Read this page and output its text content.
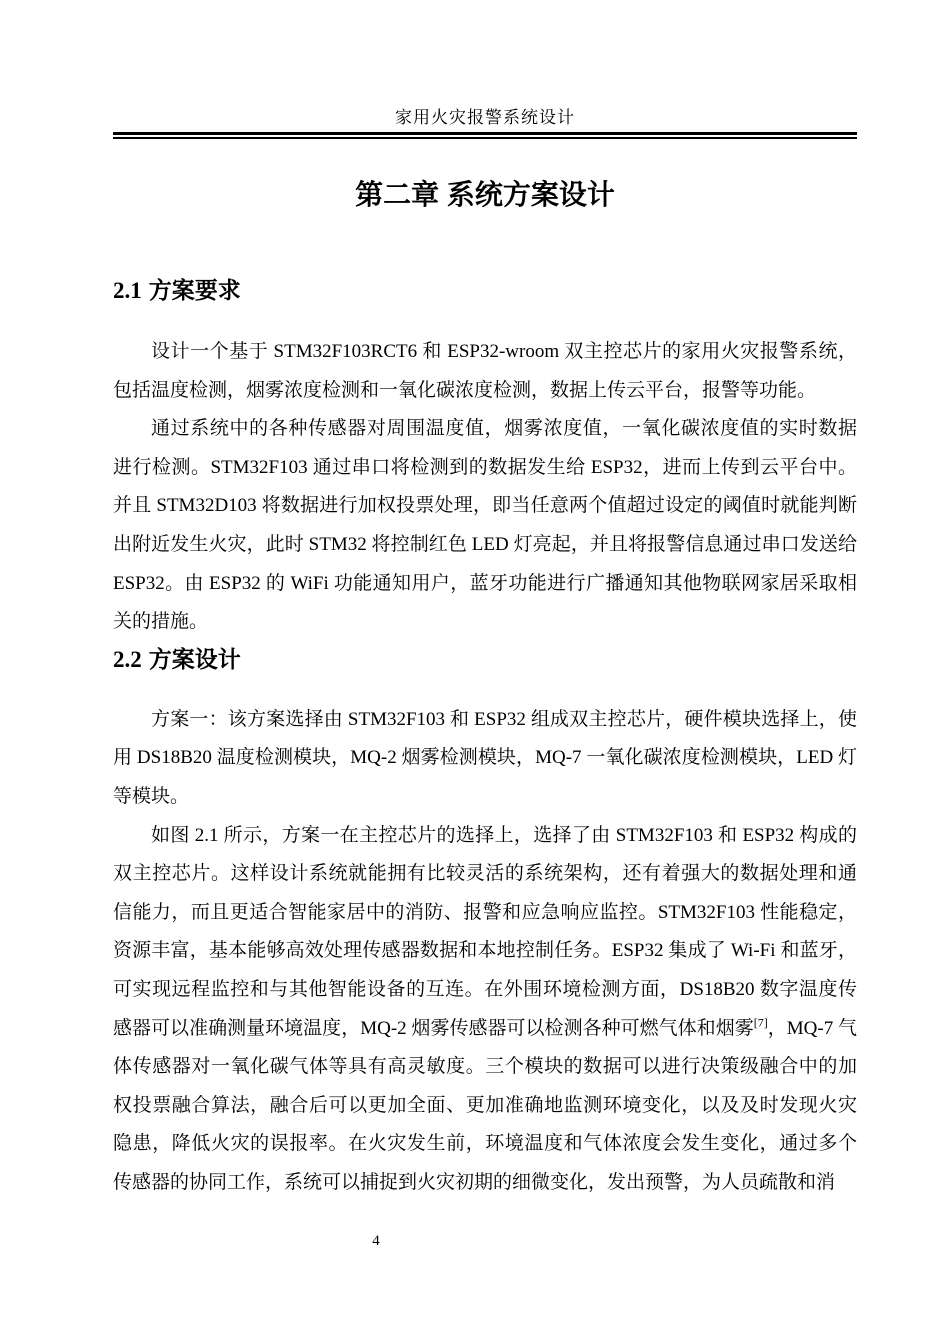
家用火灾报警系统设计
第二章 系统方案设计
2.1 方案要求

设计一个基于 STM32F103RCT6 和 ESP32-wroom 双主控芯片的家用火灾报警系统，
包括温度检测，烟雾浓度检测和一氧化碳浓度检测，数据上传云平台，报警等功能。

通过系统中的各种传感器对周围温度值，烟雾浓度值，一氧化碳浓度值的实时数据
进行检测。STM32F103 通过串口将检测到的数据发生给 ESP32，进而上传到云平台中。
并且 STM32D103 将数据进行加权投票处理，即当任意两个值超过设定的阈值时就能判断
出附近发生火灾，此时 STM32 将控制红色 LED 灯亮起，并且将报警信息通过串口发送给
ESP32。由 ESP32 的 WiFi 功能通知用户，蓝牙功能进行广播通知其他物联网家居采取相
关的措施。

2.2 方案设计

方案一：该方案选择由 STM32F103 和 ESP32 组成双主控芯片，硬件模块选择上，使
用 DS18B20 温度检测模块，MQ-2 烟雾检测模块，MQ-7 一氧化碳浓度检测模块，LED 灯
等模块。

如图 2.1 所示，方案一在主控芯片的选择上，选择了由 STM32F103 和 ESP32 构成的
双主控芯片。这样设计系统就能拥有比较灵活的系统架构，还有着强大的数据处理和通
信能力，而且更适合智能家居中的消防、报警和应急响应监控。STM32F103 性能稳定，
资源丰富，基本能够高效处理传感器数据和本地控制任务。ESP32 集成了 Wi-Fi 和蓝牙，
可实现远程监控和与其他智能设备的互连。在外围环境检测方面，DS18B20 数字温度传
感器可以准确测量环境温度，MQ-2 烟雾传感器可以检测各种可燃气体和烟雾[7]，MQ-7 气
体传感器对一氧化碳气体等具有高灵敏度。三个模块的数据可以进行决策级融合中的加
权投票融合算法，融合后可以更加全面、更加准确地监测环境变化，以及及时发现火灾
隐患，降低火灾的误报率。在火灾发生前，环境温度和气体浓度会发生变化，通过多个
传感器的协同工作，系统可以捕捉到火灾初期的细微变化，发出预警，为人员疏散和消

4
